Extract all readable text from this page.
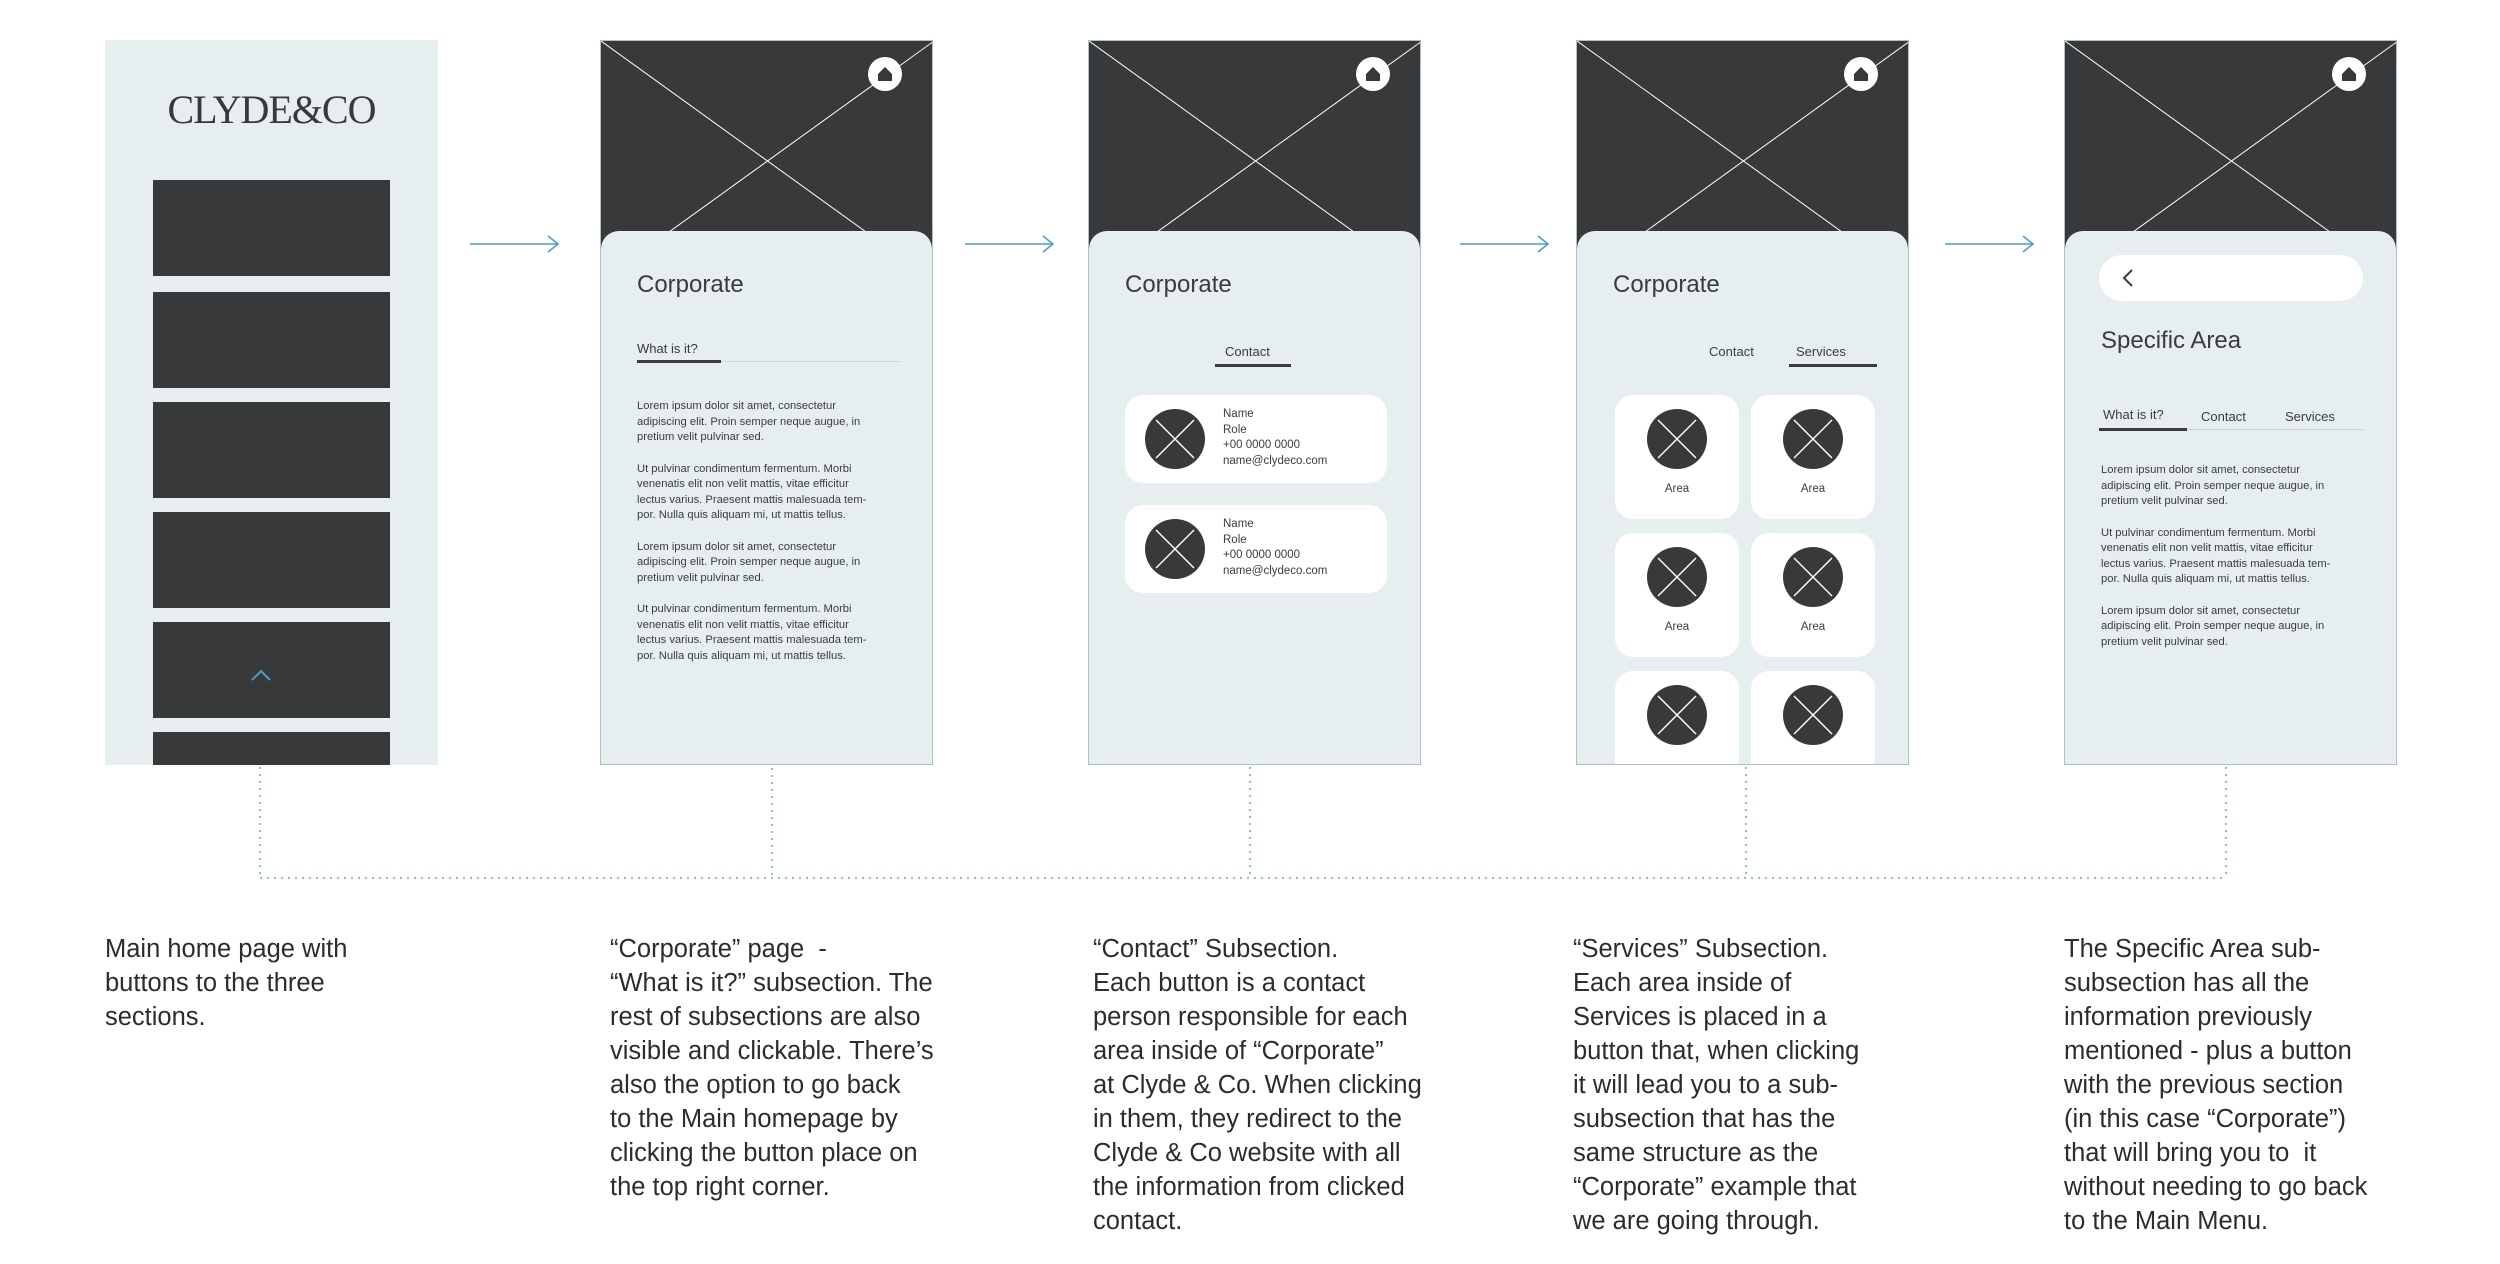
CLYDE&CO
Corporate
What is it?

Lorem ipsum dolor sit amet, consectetur
adipiscing elit. Proin semper neque augue, in
pretium velit pulvinar sed.

Ut pulvinar condimentum fermentum. Morbi
venenatis elit non velit mattis, vitae efficitur
lectus varius. Praesent mattis malesuada tem-
por. Nulla quis aliquam mi, ut mattis tellus.

Lorem ipsum dolor sit amet, consectetur
adipiscing elit. Proin semper neque augue, in
pretium velit pulvinar sed.

Ut pulvinar condimentum fermentum. Morbi
venenatis elit non velit mattis, vitae efficitur
lectus varius. Praesent mattis malesuada tem-
por. Nulla quis aliquam mi, ut mattis tellus.

Corporate
Contact
Name
Role
+00 0000 0000
name@clydeco.com
Name
Role
+00 0000 0000
name@clydeco.com
Corporate
Contact	Services
Area	Area
Area	Area
Specific Area
What is it?	Contact	Services

Lorem ipsum dolor sit amet, consectetur
adipiscing elit. Proin semper neque augue, in
pretium velit pulvinar sed.

Ut pulvinar condimentum fermentum. Morbi
venenatis elit non velit mattis, vitae efficitur
lectus varius. Praesent mattis malesuada tem-
por. Nulla quis aliquam mi, ut mattis tellus.

Lorem ipsum dolor sit amet, consectetur
adipiscing elit. Proin semper neque augue, in
pretium velit pulvinar sed.

Main home page with
buttons to the three
sections.
“Corporate” page  -
“What is it?” subsection. The
rest of subsections are also
visible and clickable. There’s
also the option to go back
to the Main homepage by
clicking the button place on
the top right corner.
“Contact” Subsection.
Each button is a contact
person responsible for each
area inside of “Corporate”
at Clyde & Co. When clicking
in them, they redirect to the
Clyde & Co website with all
the information from clicked
contact.
“Services” Subsection.
Each area inside of
Services is placed in a
button that, when clicking
it will lead you to a sub-
subsection that has the
same structure as the
“Corporate” example that
we are going through.
The Specific Area sub-
subsection has all the
information previously
mentioned - plus a button
with the previous section
(in this case “Corporate”)
that will bring you to  it
without needing to go back
to the Main Menu.
